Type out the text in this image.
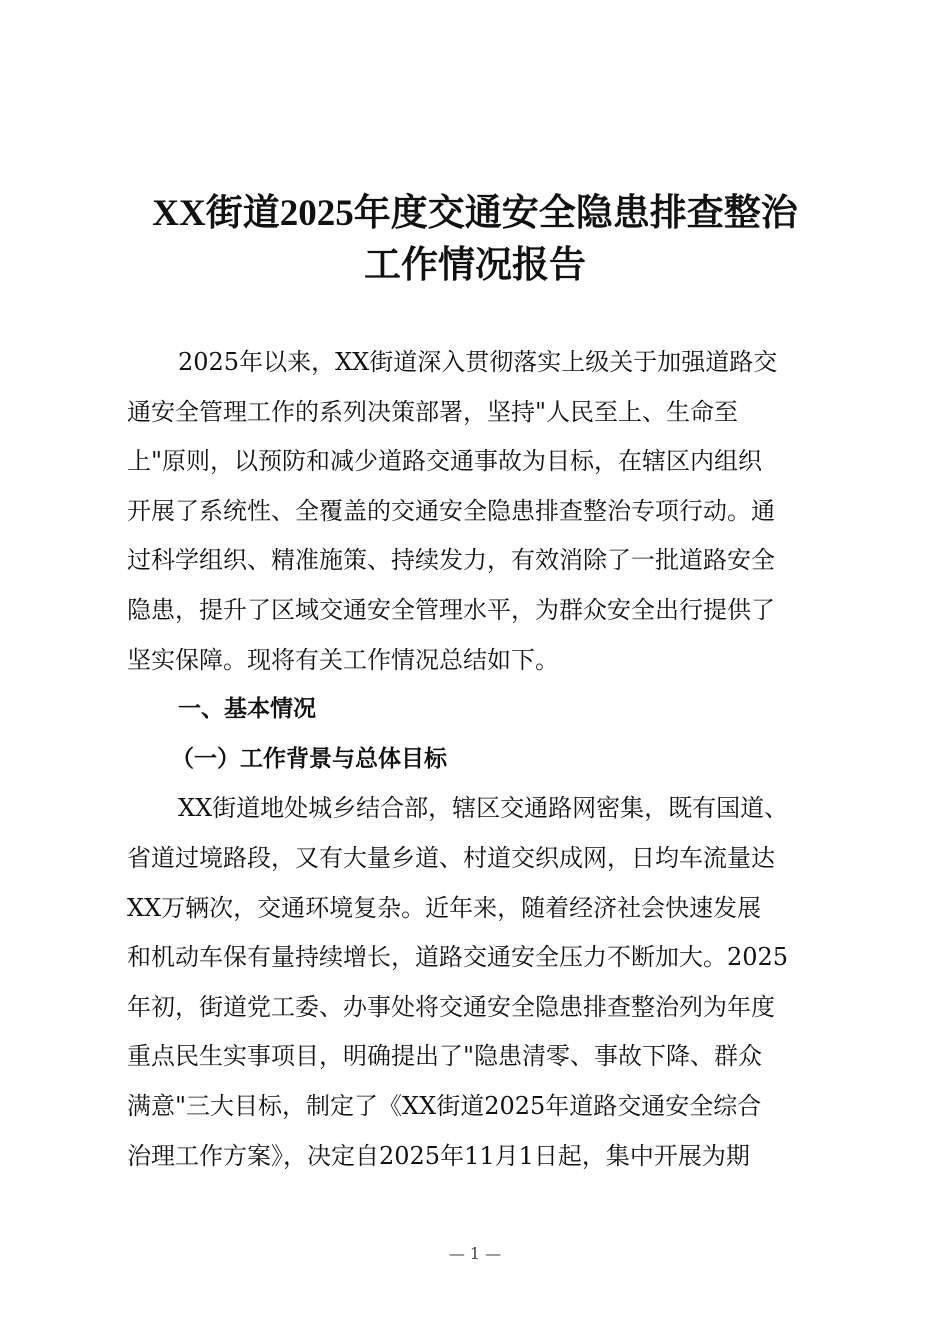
XX街道2025年度交通安全隐患排查整治
工作情况报告
2025年以来，XX街道深入贯彻落实上级关于加强道路交
通安全管理工作的系列决策部署，坚持"人民至上、生命至
上"原则，以预防和减少道路交通事故为目标，在辖区内组织
开展了系统性、全覆盖的交通安全隐患排查整治专项行动。通
过科学组织、精准施策、持续发力，有效消除了一批道路安全
隐患，提升了区域交通安全管理水平，为群众安全出行提供了
坚实保障。现将有关工作情况总结如下。
一、基本情况
（一）工作背景与总体目标
XX街道地处城乡结合部，辖区交通路网密集，既有国道、
省道过境路段，又有大量乡道、村道交织成网，日均车流量达
XX万辆次，交通环境复杂。近年来，随着经济社会快速发展
和机动车保有量持续增长，道路交通安全压力不断加大。2025
年初，街道党工委、办事处将交通安全隐患排查整治列为年度
重点民生实事项目，明确提出了"隐患清零、事故下降、群众
满意"三大目标，制定了《XX街道2025年道路交通安全综合
治理工作方案》，决定自2025年11月1日起，集中开展为期
— 1 —
